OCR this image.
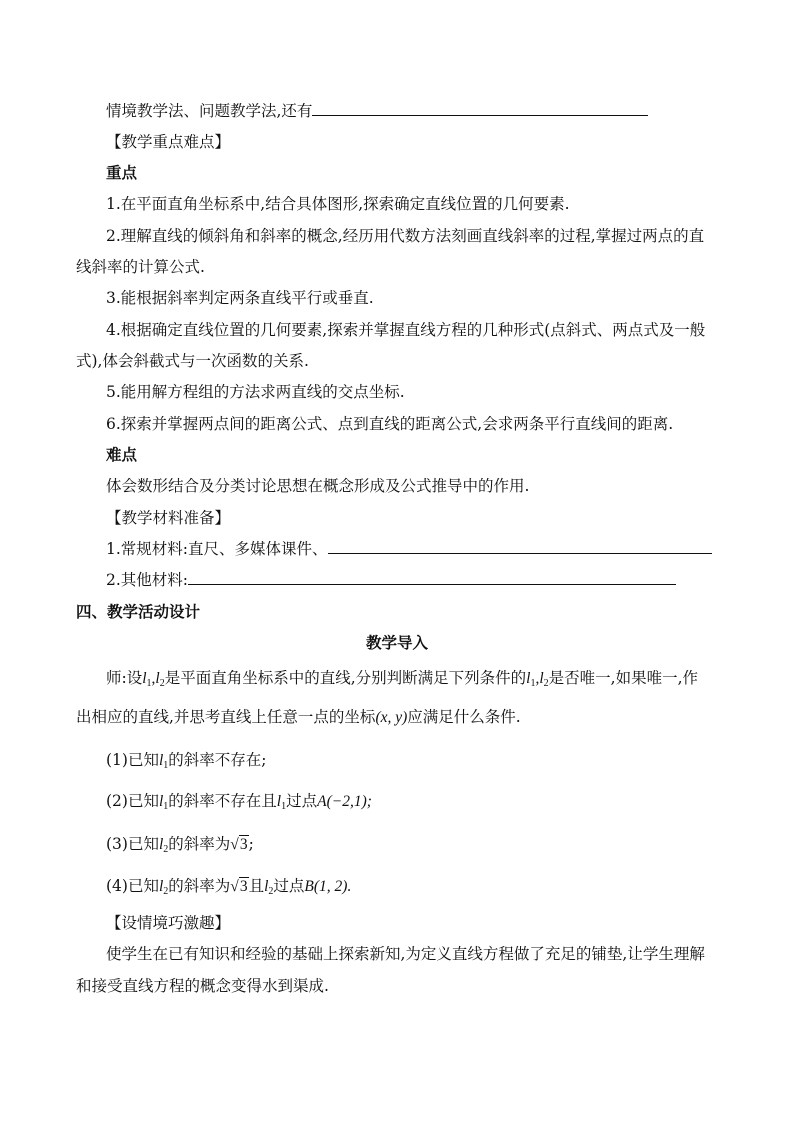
情境教学法、问题教学法,还有
【教学重点难点】
重点
1.在平面直角坐标系中,结合具体图形,探索确定直线位置的几何要素.
2.理解直线的倾斜角和斜率的概念,经历用代数方法刻画直线斜率的过程,掌握过两点的直
线斜率的计算公式.
3.能根据斜率判定两条直线平行或垂直.
4.根据确定直线位置的几何要素,探索并掌握直线方程的几种形式(点斜式、两点式及一般
式),体会斜截式与一次函数的关系.
5.能用解方程组的方法求两直线的交点坐标.
6.探索并掌握两点间的距离公式、点到直线的距离公式,会求两条平行直线间的距离.
难点
体会数形结合及分类讨论思想在概念形成及公式推导中的作用.
【教学材料准备】
1.常规材料:直尺、多媒体课件、
2.其他材料:
四、教学活动设计
教学导入
师:设$l_1,l_2$是平面直角坐标系中的直线,分别判断满足下列条件的$l_1,l_2$是否唯一,如果唯一,作
出相应的直线,并思考直线上任意一点的坐标(x, y)应满足什么条件.
(1)已知$l_1$的斜率不存在;
(2)已知$l_1$的斜率不存在且$l_1$过点A(−2,1);
(3)已知$l_2$的斜率为√3;
(4)已知$l_2$的斜率为√3且$l_2$过点B(1, 2).
【设情境巧激趣】
使学生在已有知识和经验的基础上探索新知,为定义直线方程做了充足的铺垫,让学生理解
和接受直线方程的概念变得水到渠成.
